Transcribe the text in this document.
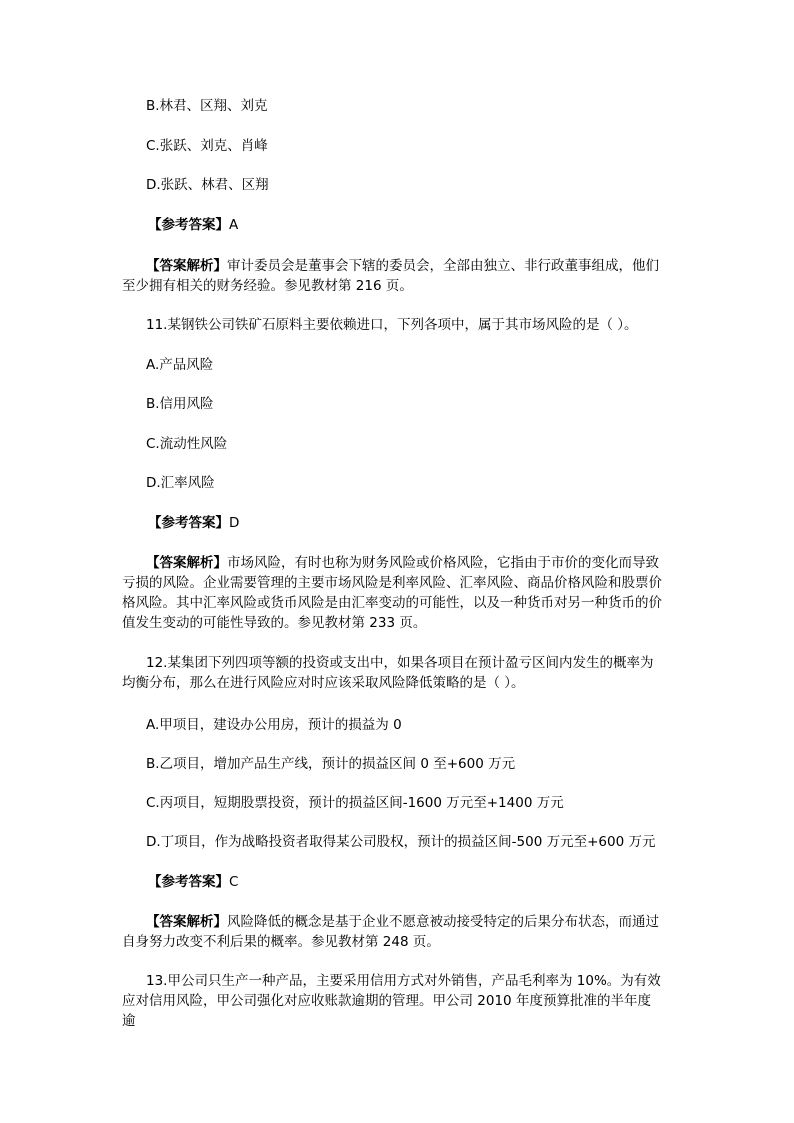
B.林君、区翔、刘克
C.张跃、刘克、肖峰
D.张跃、林君、区翔
【参考答案】A
【答案解析】审计委员会是董事会下辖的委员会，全部由独立、非行政董事组成，他们至少拥有相关的财务经验。参见教材第 216 页。
11.某钢铁公司铁矿石原料主要依赖进口，下列各项中，属于其市场风险的是（ ）。
A.产品风险
B.信用风险
C.流动性风险
D.汇率风险
【参考答案】D
【答案解析】市场风险，有时也称为财务风险或价格风险，它指由于市价的变化而导致亏损的风险。企业需要管理的主要市场风险是利率风险、汇率风险、商品价格风险和股票价格风险。其中汇率风险或货币风险是由汇率变动的可能性，以及一种货币对另一种货币的价值发生变动的可能性导致的。参见教材第 233 页。
12.某集团下列四项等额的投资或支出中，如果各项目在预计盈亏区间内发生的概率为均衡分布，那么在进行风险应对时应该采取风险降低策略的是（ ）。
A.甲项目，建设办公用房，预计的损益为 0
B.乙项目，增加产品生产线，预计的损益区间 0 至+600 万元
C.丙项目，短期股票投资，预计的损益区间-1600 万元至+1400 万元
D.丁项目，作为战略投资者取得某公司股权，预计的损益区间-500 万元至+600 万元
【参考答案】C
【答案解析】风险降低的概念是基于企业不愿意被动接受特定的后果分布状态，而通过自身努力改变不利后果的概率。参见教材第 248 页。
13.甲公司只生产一种产品，主要采用信用方式对外销售，产品毛利率为 10%。为有效应对信用风险，甲公司强化对应收账款逾期的管理。甲公司 2010 年度预算批准的半年度逾
